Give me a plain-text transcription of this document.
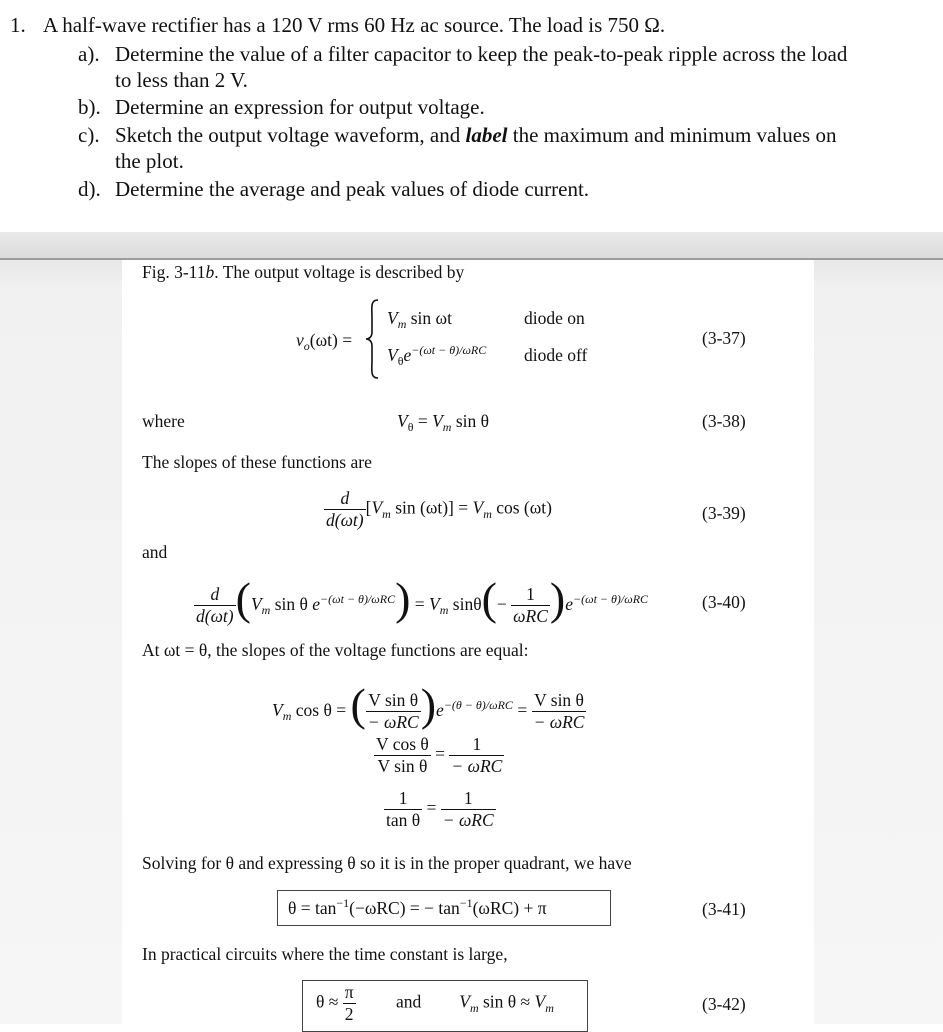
1. A half-wave rectifier has a 120 V rms 60 Hz ac source. The load is 750 Ω.
a). Determine the value of a filter capacitor to keep the peak-to-peak ripple across the load
to less than 2 V.
b). Determine an expression for output voltage.
c). Sketch the output voltage waveform, and label the maximum and minimum values on
the plot.
d). Determine the average and peak values of diode current.
Fig. 3-11b. The output voltage is described by
$v_o(\omega t)$ =
$V_m$ sin ωt
$V_\theta e^{-(\omega t - \theta)/\omega RC}$
diode on
diode off
(3-37)
where	$V_\theta = V_m$ sin θ	(3-38)
The slopes of these functions are
$\frac{d}{d(\omega t)} [V_m$ $\sin (\omega t)] = V_m$ cos (ωt)	(3-39)
and
$\frac{d}{d(\omega t)} (V_m$ sin θ $e^{-(\omega t - \theta)/\omega RC}) = V_m$ $\sin\theta(- \frac{1}{\text{ωRC}} )e^{-(\omega t - \theta)/\omega RC}$	(3-40)
At ωt = θ, the slopes of the voltage functions are equal:
$V_m$ cos θ = ( $\frac{\text{V sin θ}}{\text{− ωRC}} )e^{-(\theta - \theta)/\omega RC} = \frac{\text{V sin θ}}{\text{− ωRC}}$
$\frac{\text{V cos θ}}{\text{V sin θ}} = \frac{1}{\text{− ωRC}}$
$\frac{1}{\text{tan θ}} = \frac{1}{\text{− ωRC}}$
Solving for θ and expressing θ so it is in the proper quadrant, we have
$\theta = \tan^{-1}(-\omega RC)$ = − $\tan^{-1}(\omega RC) + \pi$	(3-41)
In practical circuits where the time constant is large,
$\theta \approx \frac{\pi}{2}$ and $V_m$ $\sin \theta \approx V_m$	(3-42)
